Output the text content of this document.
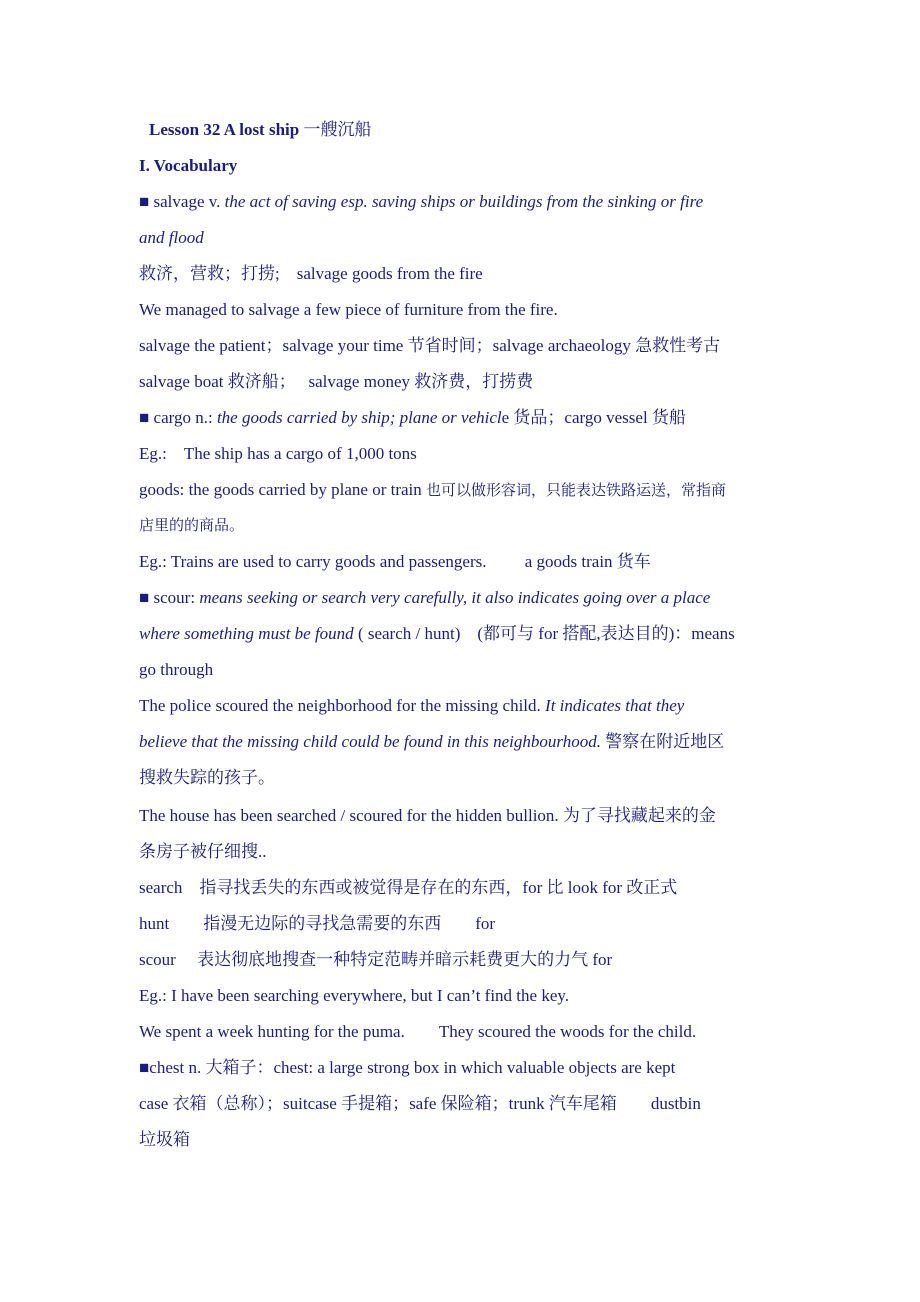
Lesson 32 A lost ship 一艘沉船
I. Vocabulary
■ salvage v. the act of saving esp. saving ships or buildings from the sinking or fire
and flood
救济，营救；打捞;　salvage goods from the fire
We managed to salvage a few piece of furniture from the fire.
salvage the patient；salvage your time 节省时间；salvage archaeology 急救性考古
salvage boat 救济船；　 salvage money 救济费，打捞费
■ cargo n.: the goods carried by ship; plane or vehicle 货品；cargo vessel 货船
Eg.:　The ship has a cargo of 1,000 tons
goods: the goods carried by plane or train 也可以做形容词，只能表达铁路运送，常指商
店里的的商品。
Eg.: Trains are used to carry goods and passengers.　　 a goods train 货车
■ scour: means seeking or search very carefully, it also indicates going over a place
where something must be found ( search / hunt)　(都可与 for 搭配,表达目的)：means
go through
The police scoured the neighborhood for the missing child. It indicates that they
believe that the missing child could be found in this neighbourhood. 警察在附近地区
搜救失踪的孩子。
The house has been searched / scoured for the hidden bullion. 为了寻找藏起来的金
条房子被仔细搜..
search　指寻找丢失的东西或被觉得是存在的东西，for 比 look for 改正式
hunt　　指漫无边际的寻找急需要的东西　　for
scour　 表达彻底地搜查一种特定范畴并暗示耗费更大的力气 for
Eg.: I have been searching everywhere, but I can’t find the key.
We spent a week hunting for the puma.　　They scoured the woods for the child.
■chest n. 大箱子：chest: a large strong box in which valuable objects are kept
case 衣箱（总称）；suitcase 手提箱；safe 保险箱；trunk 汽车尾箱　　dustbin
垃圾箱
